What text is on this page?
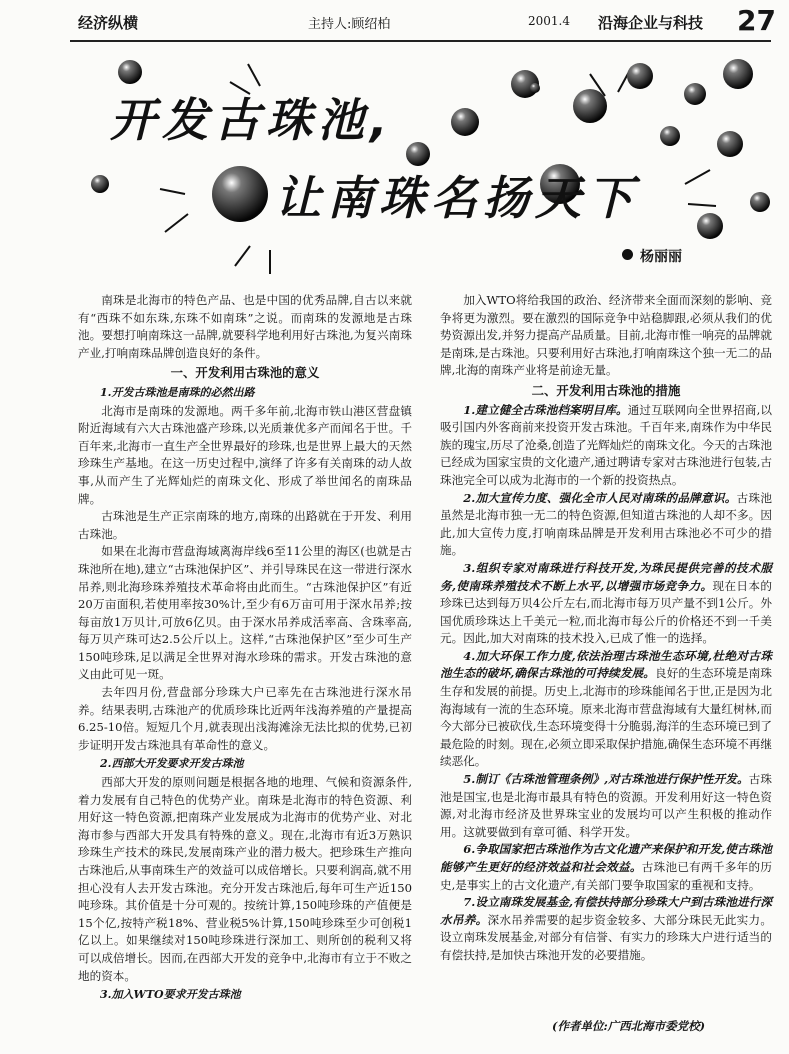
经济纵横	主持人:顾绍柏	2001.4 沿海企业与科技 27
开发古珠池,
让南珠名扬天下
杨丽丽

南珠是北海市的特色产品、也是中国的优秀品牌,自古以来就有“西珠不如东珠,东珠不如南珠”之说。而南珠的发源地是古珠池。要想打响南珠这一品牌,就要科学地利用好古珠池,为复兴南珠产业,打响南珠品牌创造良好的条件。

一、开发利用古珠池的意义
1.开发古珠池是南珠的必然出路

北海市是南珠的发源地。两千多年前,北海市铁山港区营盘镇附近海域有六大古珠池盛产珍珠,以光质兼优多产而闻名于世。千百年来,北海市一直生产全世界最好的珍珠,也是世界上最大的天然珍珠生产基地。在这一历史过程中,演绎了许多有关南珠的动人故事,从而产生了光辉灿烂的南珠文化、形成了举世闻名的南珠品牌。

古珠池是生产正宗南珠的地方,南珠的出路就在于开发、利用古珠池。

如果在北海市营盘海域离海岸线6至11公里的海区(也就是古珠池所在地),建立“古珠池保护区”、并引导珠民在这一带进行深水吊养,则北海珍珠养殖技术革命将由此而生。“古珠池保护区”有近20万亩面积,若使用率按30%计,至少有6万亩可用于深水吊养;按每亩放1万贝计,可放6亿贝。由于深水吊养成活率高、含珠率高,每万贝产珠可达2.5公斤以上。这样,“古珠池保护区”至少可生产150吨珍珠,足以满足全世界对海水珍珠的需求。开发古珠池的意义由此可见一斑。

去年四月份,营盘部分珍珠大户已率先在古珠池进行深水吊养。结果表明,古珠池产的优质珍珠比近两年浅海养殖的产量提高6.25-10倍。短短几个月,就表现出浅海滩涂无法比拟的优势,已初步证明开发古珠池具有革命性的意义。

2.西部大开发要求开发古珠池

西部大开发的原则问题是根据各地的地理、气候和资源条件,着力发展有自己特色的优势产业。南珠是北海市的特色资源、利用好这一特色资源,把南珠产业发展成为北海市的优势产业、对北海市参与西部大开发具有特殊的意义。现在,北海市有近3万熟识珍珠生产技术的珠民,发展南珠产业的潜力极大。把珍珠生产推向古珠池后,从事南珠生产的效益可以成倍增长。只要利润高,就不用担心没有人去开发古珠池。充分开发古珠池后,每年可生产近150吨珍珠。其价值是十分可观的。按统计算,150吨珍珠的产值便是15个亿,按特产税18%、营业税5%计算,150吨珍珠至少可创税1亿以上。如果继续对150吨珍珠进行深加工、则所创的税利又将可以成倍增长。因而,在西部大开发的竞争中,北海市有立于不败之地的资本。

3.加入WTO要求开发古珠池

加入WTO将给我国的政治、经济带来全面而深刻的影响、竞争将更为激烈。要在激烈的国际竞争中站稳脚跟,必须从我们的优势资源出发,并努力提高产品质量。目前,北海市惟一响亮的品牌就是南珠,是古珠池。只要利用好古珠池,打响南珠这个独一无二的品牌,北海的南珠产业将是前途无量。

二、开发利用古珠池的措施

1.建立健全古珠池档案明目库。通过互联网向全世界招商,以吸引国内外客商前来投资开发古珠池。千百年来,南珠作为中华民族的瑰宝,历尽了沧桑,创造了光辉灿烂的南珠文化。今天的古珠池已经成为国家宝贵的文化遗产,通过聘请专家对古珠池进行包装,古珠池完全可以成为北海市的一个新的投资热点。

2.加大宣传力度、强化全市人民对南珠的品牌意识。古珠池虽然是北海市独一无二的特色资源,但知道古珠池的人却不多。因此,加大宣传力度,打响南珠品牌是开发利用古珠池必不可少的措施。

3.组织专家对南珠进行科技开发,为珠民提供完善的技术服务,使南珠养殖技术不断上水平,以增强市场竞争力。现在日本的珍珠已达到每万贝4公斤左右,而北海市每万贝产量不到1公斤。外国优质珍珠达上千美元一粒,而北海市每公斤的价格还不到一千美元。因此,加大对南珠的技术投入,已成了惟一的选择。

4.加大环保工作力度,依法治理古珠池生态环境,杜绝对古珠池生态的破坏,确保古珠池的可持续发展。良好的生态环境是南珠生存和发展的前提。历史上,北海市的珍珠能闻名于世,正是因为北海海域有一流的生态环境。原来北海市营盘海域有大量红树林,而今大部分已被砍伐,生态环境变得十分脆弱,海洋的生态环境已到了最危险的时刻。现在,必须立即采取保护措施,确保生态环境不再继续恶化。

5.制订《古珠池管理条例》,对古珠池进行保护性开发。古珠池是国宝,也是北海市最具有特色的资源。开发利用好这一特色资源,对北海市经济及世界珠宝业的发展均可以产生积极的推动作用。这就要做到有章可循、科学开发。

6.争取国家把古珠池作为古文化遗产来保护和开发,使古珠池能够产生更好的经济效益和社会效益。古珠池已有两千多年的历史,是事实上的古文化遗产,有关部门要争取国家的重视和支持。

7.设立南珠发展基金,有偿扶持部分珍珠大户到古珠池进行深水吊养。深水吊养需要的起步资金较多、大部分珠民无此实力。设立南珠发展基金,对部分有信誉、有实力的珍珠大户进行适当的有偿扶持,是加快古珠池开发的必要措施。

(作者单位:广西北海市委党校)
